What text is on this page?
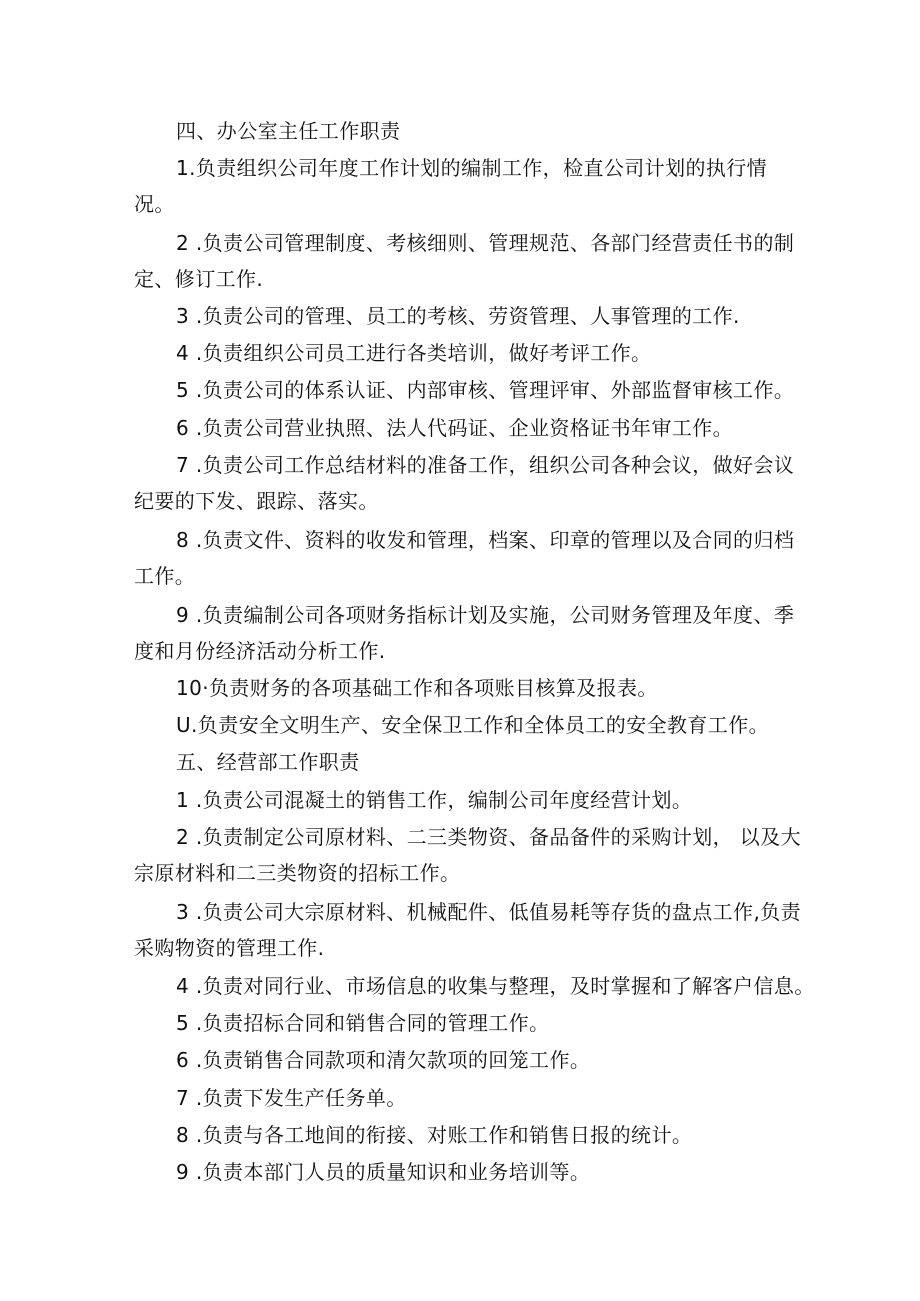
四、办公室主任工作职责
1.负责组织公司年度工作计划的编制工作，检直公司计划的执行情
况。
2 .负责公司管理制度、考核细则、管理规范、各部门经营责任书的制
定、修订工作.
3 .负责公司的管理、员工的考核、劳资管理、人事管理的工作.
4 .负责组织公司员工进行各类培训，做好考评工作。
5 .负责公司的体系认证、内部审核、管理评审、外部监督审核工作。
6 .负责公司营业执照、法人代码证、企业资格证书年审工作。
7 .负责公司工作总结材料的准备工作，组织公司各种会议，做好会议
纪要的下发、跟踪、落实。
8 .负责文件、资料的收发和管理，档案、印章的管理以及合同的归档
工作。
9 .负责编制公司各项财务指标计划及实施，公司财务管理及年度、季
度和月份经济活动分析工作.
10·负责财务的各项基础工作和各项账目核算及报表。
U.负责安全文明生产、安全保卫工作和全体员工的安全教育工作。
五、经营部工作职责
1 .负责公司混凝土的销售工作，编制公司年度经营计划。
2 .负责制定公司原材料、二三类物资、备品备件的采购计划， 以及大
宗原材料和二三类物资的招标工作。
3 .负责公司大宗原材料、机械配件、低值易耗等存货的盘点工作,负责
采购物资的管理工作.
4 .负责对同行业、市场信息的收集与整理，及时掌握和了解客户信息。
5 .负责招标合同和销售合同的管理工作。
6 .负责销售合同款项和清欠款项的回笼工作。
7 .负责下发生产任务单。
8 .负责与各工地间的衔接、对账工作和销售日报的统计。
9 .负责本部门人员的质量知识和业务培训等。
